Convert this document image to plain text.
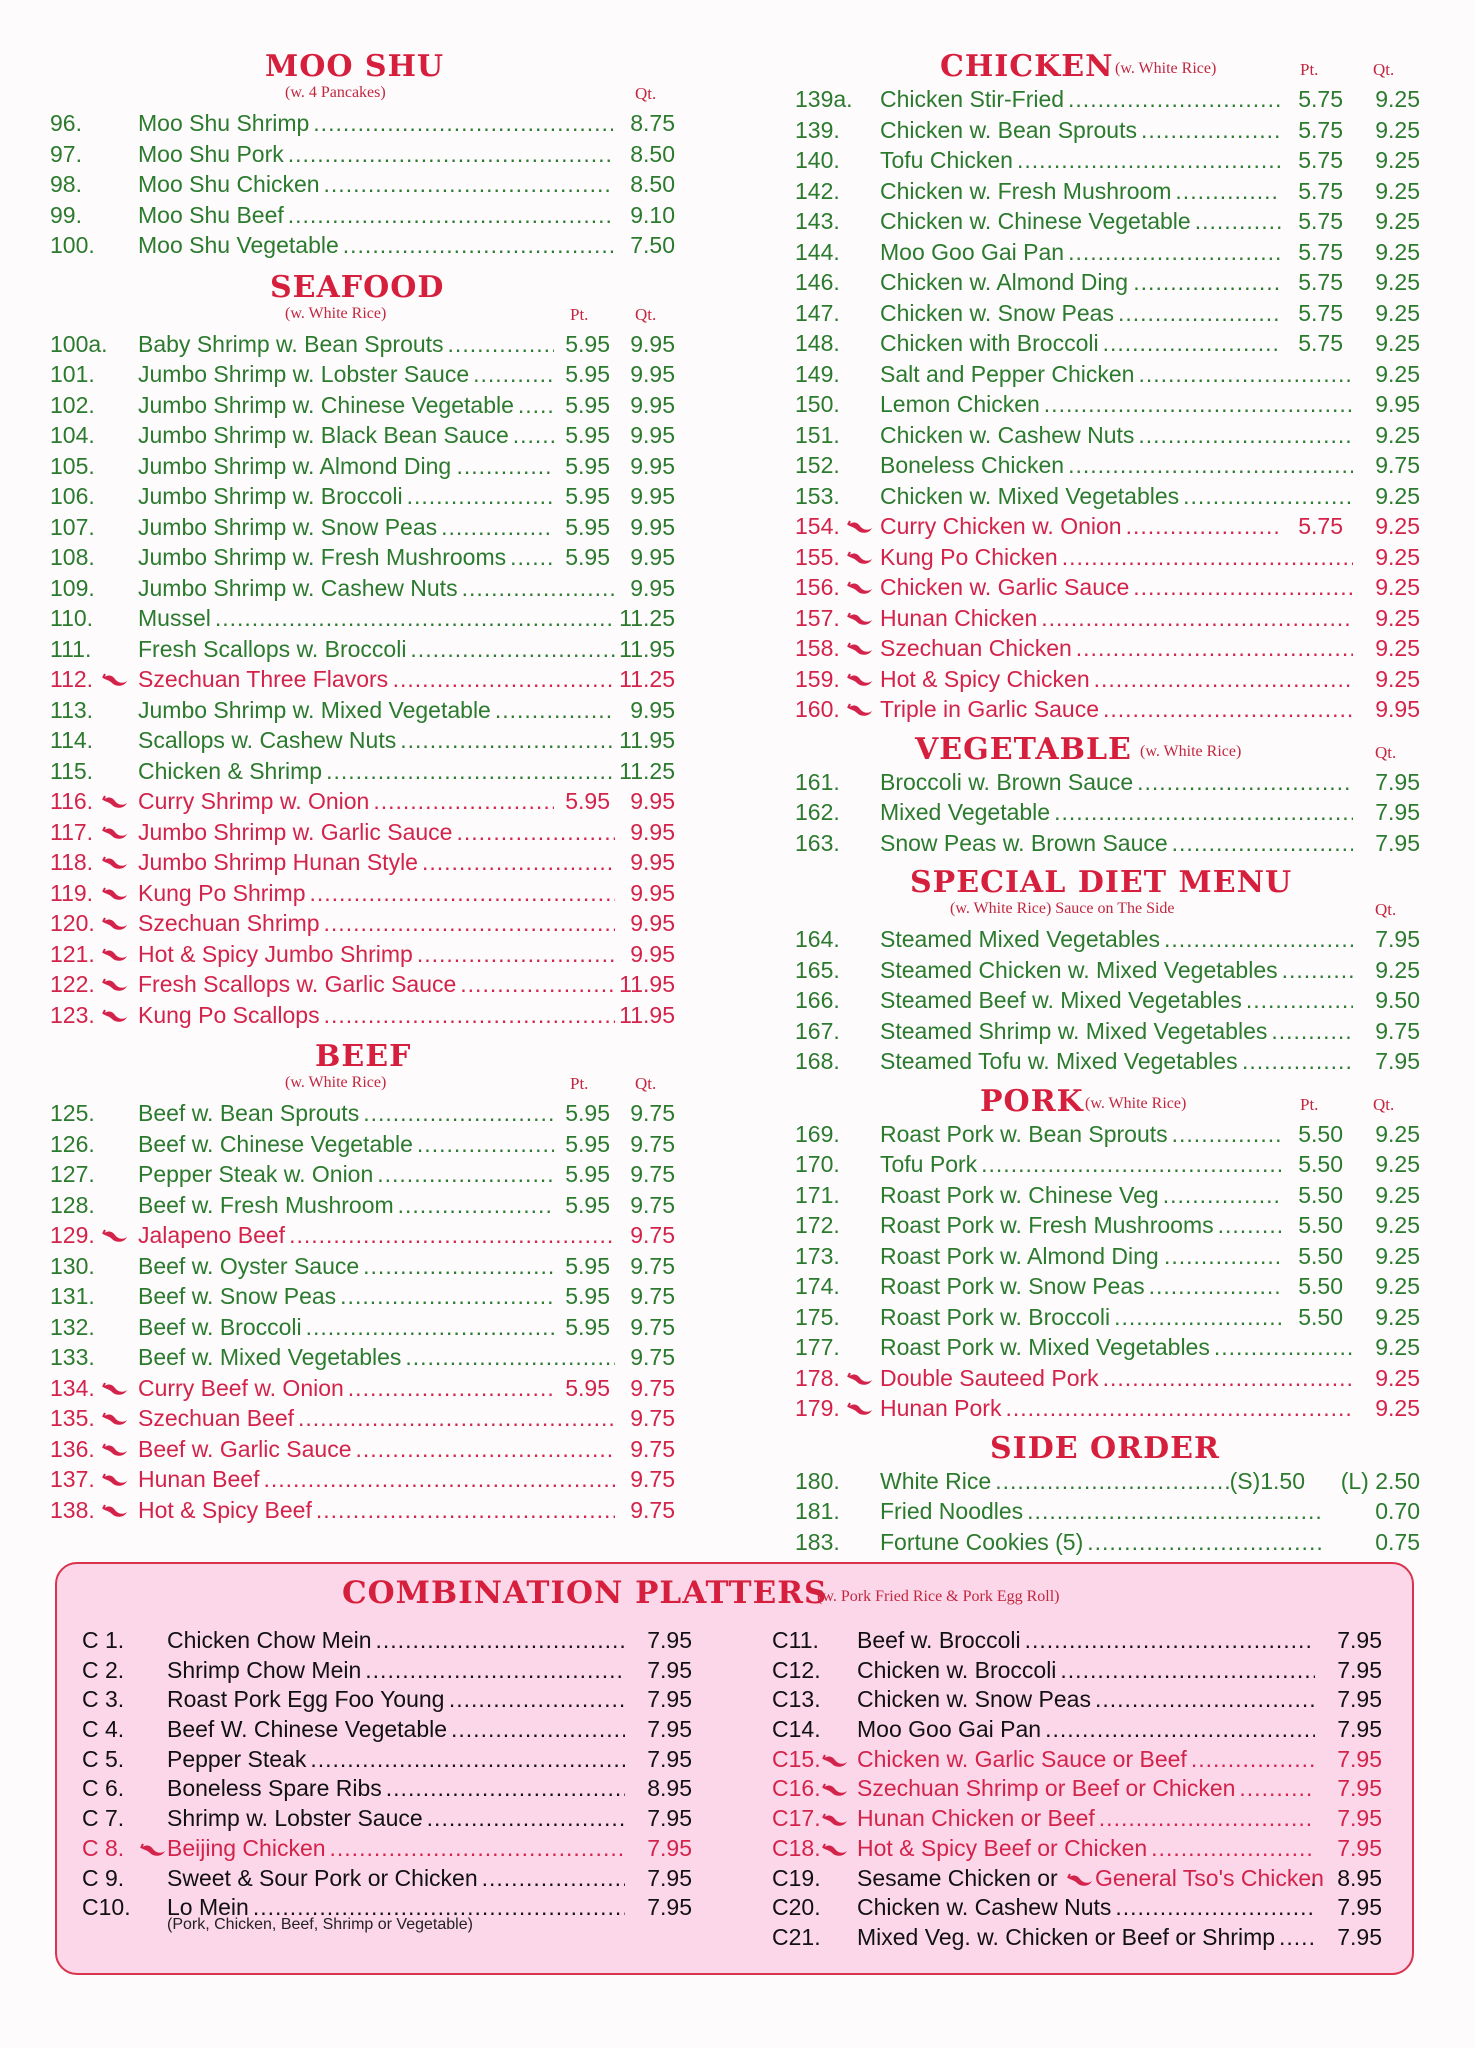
MOO SHU
(w. 4 Pancakes)	Qt.
96. Moo Shu Shrimp .....	8.75
97. Moo Shu Pork .....	8.50
98. Moo Shu Chicken .....	8.50
99. Moo Shu Beef .....	9.10
100. Moo Shu Vegetable .....	7.50
SEAFOOD
(w. White Rice)	Pt.	Qt.
100a. Baby Shrimp w. Bean Sprouts .....	5.95 9.95
101. Jumbo Shrimp w. Lobster Sauce .....	5.95 9.95
102. Jumbo Shrimp w. Chinese Vegetable ..... 5.95 9.95
104. Jumbo Shrimp w. Black Bean Sauce ..... 5.95 9.95
105. Jumbo Shrimp w. Almond Ding .....	5.95 9.95
106. Jumbo Shrimp w. Broccoli .....	5.95 9.95
107. Jumbo Shrimp w. Snow Peas .....	5.95 9.95
108. Jumbo Shrimp w. Fresh Mushrooms .....	5.95 9.95
109. Jumbo Shrimp w. Cashew Nuts .....	9.95
110. Mussel .....	11.25
111. Fresh Scallops w. Broccoli .....	11.95
112. Szechuan Three Flavors .....	11.25
113. Jumbo Shrimp w. Mixed Vegetable .....	9.95
114. Scallops w. Cashew Nuts .....	11.95
115. Chicken & Shrimp .....	11.25
116. Curry Shrimp w. Onion .....	5.95 9.95
117. Jumbo Shrimp w. Garlic Sauce .....	9.95
118. Jumbo Shrimp Hunan Style .....	9.95
119. Kung Po Shrimp .....	9.95
120. Szechuan Shrimp .....	9.95
121. Hot & Spicy Jumbo Shrimp .....	9.95
122. Fresh Scallops w. Garlic Sauce .....	11.95
123. Kung Po Scallops .....	11.95
BEEF
(w. White Rice)	Pt.	Qt.
125. Beef w. Bean Sprouts .....	5.95 9.75
126. Beef w. Chinese Vegetable .....	5.95 9.75
127. Pepper Steak w. Onion .....	5.95 9.75
128. Beef w. Fresh Mushroom .....	5.95 9.75
129. Jalapeno Beef .....	9.75
130. Beef w. Oyster Sauce .....	5.95 9.75
131. Beef w. Snow Peas .....	5.95 9.75
132. Beef w. Broccoli .....	5.95 9.75
133. Beef w. Mixed Vegetables .....	9.75
134. Curry Beef w. Onion .....	5.95 9.75
135. Szechuan Beef .....	9.75
136. Beef w. Garlic Sauce .....	9.75
137. Hunan Beef .....	9.75
138. Hot & Spicy Beef .....	9.75
CHICKEN (w. White Rice)	Pt.	Qt.
139a. Chicken Stir-Fried .....	5.75 9.25
139. Chicken w. Bean Sprouts .....	5.75 9.25
140. Tofu Chicken .....	5.75 9.25
142. Chicken w. Fresh Mushroom .....	5.75 9.25
143. Chicken w. Chinese Vegetable .....	5.75 9.25
144. Moo Goo Gai Pan .....	5.75 9.25
146. Chicken w. Almond Ding .....	5.75 9.25
147. Chicken w. Snow Peas .....	5.75 9.25
148. Chicken with Broccoli .....	5.75 9.25
149. Salt and Pepper Chicken .....	9.25
150. Lemon Chicken .....	9.95
151. Chicken w. Cashew Nuts .....	9.25
152. Boneless Chicken .....	9.75
153. Chicken w. Mixed Vegetables .....	9.25
154. Curry Chicken w. Onion .....	5.75 9.25
155. Kung Po Chicken .....	9.25
156. Chicken w. Garlic Sauce .....	9.25
157. Hunan Chicken .....	9.25
158. Szechuan Chicken .....	9.25
159. Hot & Spicy Chicken .....	9.25
160. Triple in Garlic Sauce .....	9.95
VEGETABLE (w. White Rice)	Qt.
161. Broccoli w. Brown Sauce .....	7.95
162. Mixed Vegetable .....	7.95
163. Snow Peas w. Brown Sauce .....	7.95
SPECIAL DIET MENU
(w. White Rice) Sauce on The Side	Qt.
164. Steamed Mixed Vegetables .....	7.95
165. Steamed Chicken w. Mixed Vegetables .....	9.25
166. Steamed Beef w. Mixed Vegetables .....	9.50
167. Steamed Shrimp w. Mixed Vegetables .....	9.75
168. Steamed Tofu w. Mixed Vegetables .....	7.95
PORK (w. White Rice)	Pt.	Qt.
169. Roast Pork w. Bean Sprouts .....	5.50 9.25
170. Tofu Pork .....	5.50 9.25
171. Roast Pork w. Chinese Veg .....	5.50 9.25
172. Roast Pork w. Fresh Mushrooms .....	5.50 9.25
173. Roast Pork w. Almond Ding .....	5.50 9.25
174. Roast Pork w. Snow Peas .....	5.50 9.25
175. Roast Pork w. Broccoli .....	5.50 9.25
177. Roast Pork w. Mixed Vegetables .....	9.25
178. Double Sauteed Pork .....	9.25
179. Hunan Pork .....	9.25
SIDE ORDER
180. White Rice .....	(S)1.50 (L) 2.50
181. Fried Noodles .....	0.70
183. Fortune Cookies (5) .....	0.75
COMBINATION PLATTERS
(w. Pork Fried Rice & Pork Egg Roll)
C 1. Chicken Chow Mein .....	7.95
C 2. Shrimp Chow Mein .....	7.95
C 3. Roast Pork Egg Foo Young .....	7.95
C 4. Beef W. Chinese Vegetable .....	7.95
C 5. Pepper Steak .....	7.95
C 6. Boneless Spare Ribs .....	8.95
C 7. Shrimp w. Lobster Sauce .....	7.95
C 8. Beijing Chicken .....	7.95
C 9. Sweet & Sour Pork or Chicken .....	7.95
C10. Lo Mein .....	7.95
(Pork, Chicken, Beef, Shrimp or Vegetable)
C11. Beef w. Broccoli .....	7.95
C12. Chicken w. Broccoli .....	7.95
C13. Chicken w. Snow Peas .....	7.95
C14. Moo Goo Gai Pan .....	7.95
C15. Chicken w. Garlic Sauce or Beef .....	7.95
C16. Szechuan Shrimp or Beef or Chicken .....	7.95
C17. Hunan Chicken or Beef .....	7.95
C18. Hot & Spicy Beef or Chicken .....	7.95
C19. Sesame Chicken or General Tso's Chicken ..... 8.95
C20. Chicken w. Cashew Nuts .....	7.95
C21. Mixed Veg. w. Chicken or Beef or Shrimp .....	7.95
